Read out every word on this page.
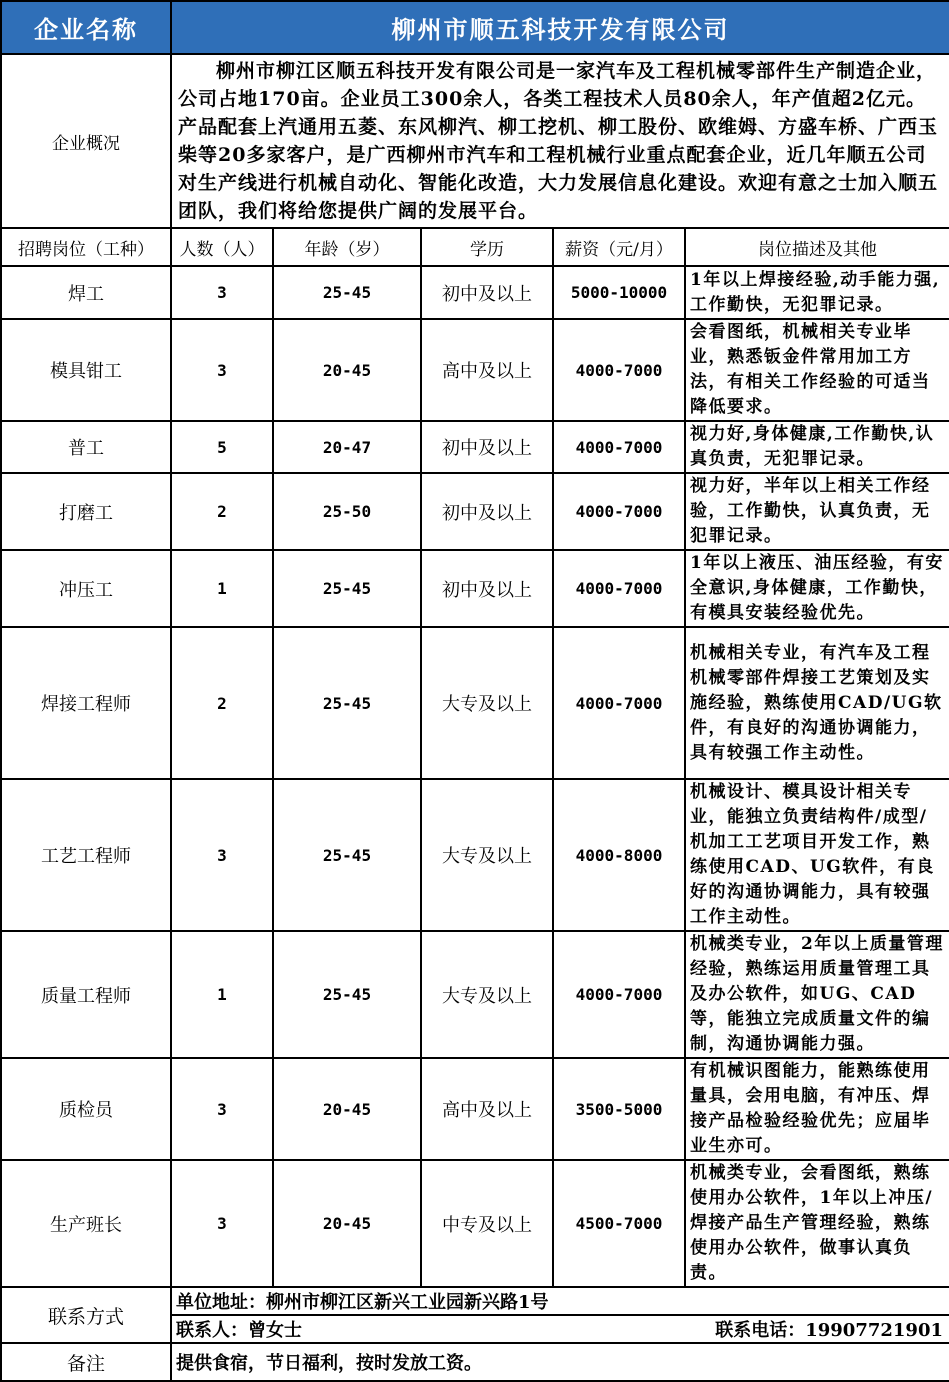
企业名称	柳州市顺五科技开发有限公司				
企业概况	柳州市柳江区顺五科技开发有限公司是一家汽车及工程机械零部件生产制造企业，公司占地170亩。企业员工300余人，各类工程技术人员80余人，年产值超2亿元。产品配套上汽通用五菱、东风柳汽、柳工挖机、柳工股份、欧维姆、方盛车桥、广西玉柴等20多家客户，是广西柳州市汽车和工程机械行业重点配套企业，近几年顺五公司对生产线进行机械自动化、智能化改造，大力发展信息化建设。欢迎有意之士加入顺五团队，我们将给您提供广阔的发展平台。				
招聘岗位（工种）	人数（人）	年龄（岁）	学历	薪资（元/月）	岗位描述及其他
焊工	3	25-45	初中及以上	5000-10000	1年以上焊接经验,动手能力强,工作勤快，无犯罪记录。
模具钳工	3	20-45	高中及以上	4000-7000	会看图纸，机械相关专业毕业，熟悉钣金件常用加工方法，有相关工作经验的可适当降低要求。
普工	5	20-47	初中及以上	4000-7000	视力好,身体健康,工作勤快,认真负责，无犯罪记录。
打磨工	2	25-50	初中及以上	4000-7000	视力好，半年以上相关工作经验，工作勤快，认真负责，无犯罪记录。
冲压工	1	25-45	初中及以上	4000-7000	1年以上液压、油压经验，有安全意识,身体健康，工作勤快，有模具安装经验优先。
焊接工程师	2	25-45	大专及以上	4000-7000	机械相关专业，有汽车及工程机械零部件焊接工艺策划及实施经验，熟练使用CAD/UG软件，有良好的沟通协调能力，具有较强工作主动性。
工艺工程师	3	25-45	大专及以上	4000-8000	机械设计、模具设计相关专业，能独立负责结构件/成型/机加工工艺项目开发工作，熟练使用CAD、UG软件，有良好的沟通协调能力，具有较强工作主动性。
质量工程师	1	25-45	大专及以上	4000-7000	机械类专业，2年以上质量管理经验，熟练运用质量管理工具及办公软件，如UG、CAD等，能独立完成质量文件的编制，沟通协调能力强。
质检员	3	20-45	高中及以上	3500-5000	有机械识图能力，能熟练使用量具，会用电脑，有冲压、焊接产品检验经验优先；应届毕业生亦可。
生产班长	3	20-45	中专及以上	4500-7000	机械类专业，会看图纸，熟练使用办公软件，1年以上冲压/焊接产品生产管理经验，熟练使用办公软件，做事认真负责。
联系方式	单位地址：柳州市柳江区新兴工业园新兴路1号				

	联系人：曾女士 联系电话：19907721901				

备注	提供食宿，节日福利，按时发放工资。				
